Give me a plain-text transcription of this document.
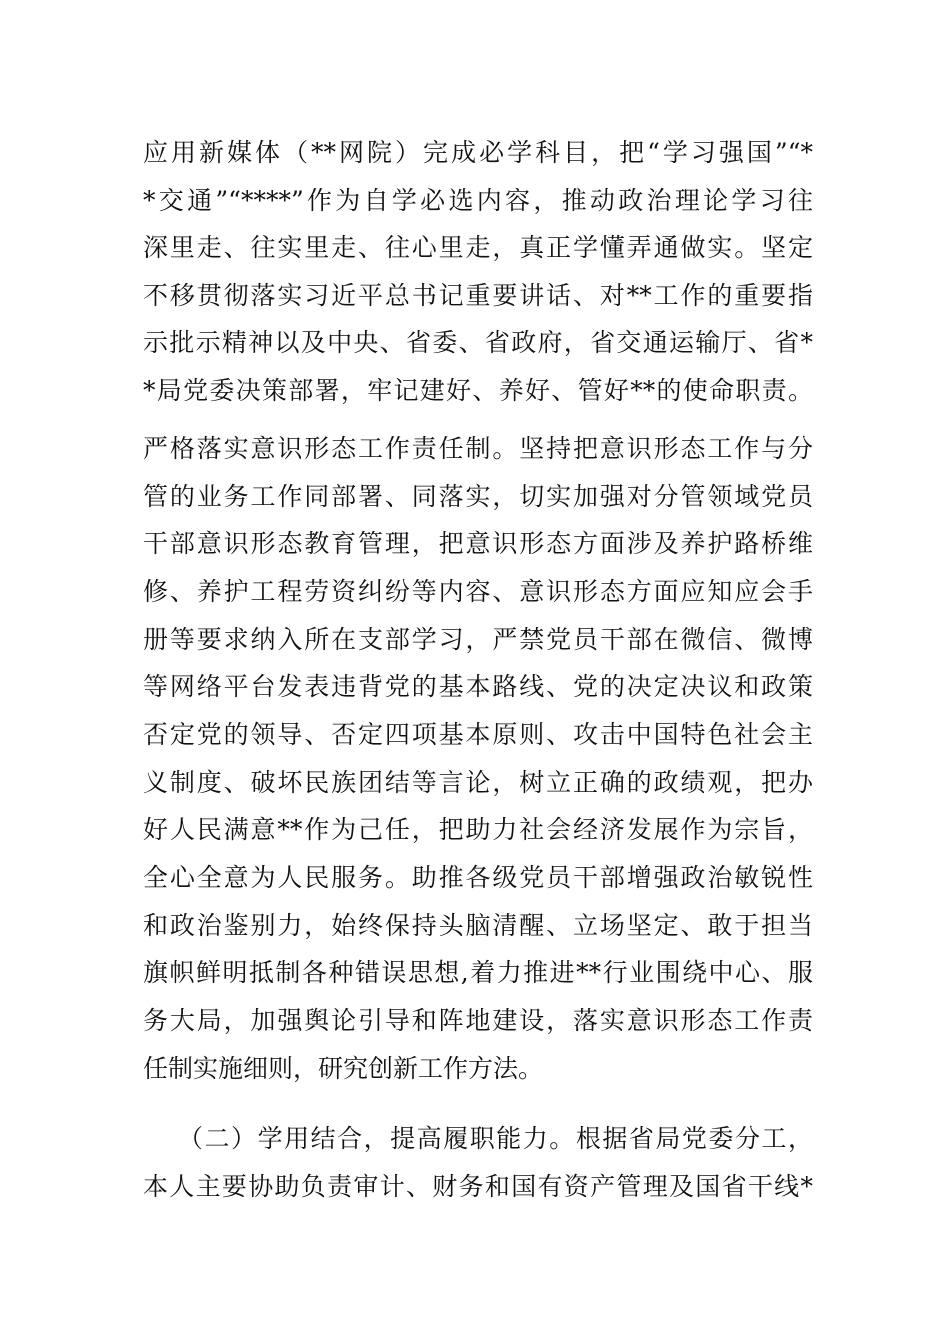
应用新媒体（**网院）完成必学科目，把“学习强国”“*
*交通”“****”作为自学必选内容，推动政治理论学习往
深里走、往实里走、往心里走，真正学懂弄通做实。坚定
不移贯彻落实习近平总书记重要讲话、对**工作的重要指
示批示精神以及中央、省委、省政府，省交通运输厅、省*
*局党委决策部署，牢记建好、养好、管好**的使命职责。
严格落实意识形态工作责任制。坚持把意识形态工作与分
管的业务工作同部署、同落实，切实加强对分管领域党员
干部意识形态教育管理，把意识形态方面涉及养护路桥维
修、养护工程劳资纠纷等内容、意识形态方面应知应会手
册等要求纳入所在支部学习，严禁党员干部在微信、微博
等网络平台发表违背党的基本路线、党的决定决议和政策
否定党的领导、否定四项基本原则、攻击中国特色社会主
义制度、破坏民族团结等言论，树立正确的政绩观，把办
好人民满意**作为己任，把助力社会经济发展作为宗旨，
全心全意为人民服务。助推各级党员干部增强政治敏锐性
和政治鉴别力，始终保持头脑清醒、立场坚定、敢于担当
旗帜鲜明抵制各种错误思想,着力推进**行业围绕中心、服
务大局，加强舆论引导和阵地建设，落实意识形态工作责
任制实施细则，研究创新工作方法。
（二）学用结合，提高履职能力。根据省局党委分工，
本人主要协助负责审计、财务和国有资产管理及国省干线*
